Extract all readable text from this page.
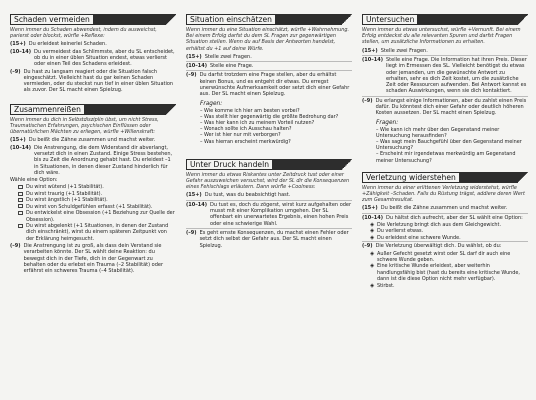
Schaden vermeiden
Wenn immer du Schaden abwendest, indem du ausweichst, parierst oder blockst, würfle +Reflexe:
(15+) Du erleidest keinerlei Schaden.
(10–14) Du vermeidest das Schlimmste, aber du SL entscheidet, ob du in einer üblen Situation endest, etwas verlierst oder einen Teil des Schadens erleidest.
(–9) Du hast zu langsam reagiert oder die Situation falsch eingeschätzt. Vielleicht hast du gar keinen Schaden vermieden, oder du steckst nun tief in einer üblen Situation als zuvor. Der SL macht einen Spielzug.
Zusammenreißen
Wenn immer du dich in Selbstdisziplin übst, um nicht Stress, Traumatischen Erfahrungen, psychischen Einflüssen oder übernatürlichen Mächten zu erliegen, würfle +Willenskraft:
(15+) Du beißt die Zähne zusammen und machst weiter.
(10–14) Die Anstrengung, die dem Widerstand dir abverlangt, versetzt dich in einen Zustand. Einige Stress bestehen, bis zu Zeit die Anordnung gehabt hast. Du erleidest –1 in Situationen, in denen dieser Zustand hinderlich für dich wäre.
Wähle eine Option:
Du wirst wütend (+1 Stabilität).
Du wirst traurig (+1 Stabilität).
Du wirst ängstlich (+1 Stabilität).
Du wirst von Schuldgefühlen erfasst (+1 Stabilität).
Du entwickelst eine Obsession (+1 Beziehung zur Quelle der Obsession).
Du wirst abgelenkt (+1 Situationen, in denen der Zustand dich einschränkt), wirst du einem späteren Zeitpunkt von der Erklärung heimgesucht.
(–9) Die Anstrengung ist zu groß, als dass dein Verstand sie verarbeiten könnte. Der SL wählt deine Reaktion: du bewegst dich in der Tiefe, dich in der Gegenwart zu behalten oder du erlebst ein Trauma (–2 Stabilität) oder erfährst ein schweres Trauma (–4 Stabilität).
Situation einschätzen
Wenn immer du eine Situation einschätzt, würfle +Wahrnehmung. Bei einem Erfolg darfst du dem SL Fragen zur gegenwärtigen Situation stellen. Wenn du auf Basis der Antworten handelst, erhältst du +1 auf deine Würfe.
(15+) Stelle zwei Fragen.
(10–14) Stelle eine Frage.
(–9) Du darfst trotzdem eine Frage stellen, aber du erhältst keinen Bonus, und es entgeht dir etwas. Du erregst unerwünschte Aufmerksamkeit oder setzt dich einer Gefahr aus. Der SL macht einen Spielzug.
Fragen:
– Wie komme ich hier am besten vorbei?
– Was stellt hier gegenwärtig die größte Bedrohung dar?
– Was hier kann ich zu meinem Vorteil nutzen?
– Wonach sollte ich Ausschau halten?
– Wer ist hier nur mit verborgen?
– Was hierran erscheint merkwürdig?
Unter Druck handeln
Wenn immer du etwas Riskantes unter Zeitdruck tust oder einer Gefahr auszuweichen versuchst, wird der SL dir die Konsequenzen eines Fehlschlags erläutern. Dann würfle +Coolness:
(15+) Du tust, was du beabsichtigt hast.
(10–14) Du tust es, doch du zögerst, wirst kurz aufgehalten oder musst mit einer Komplikation umgehen. Der SL offenbart ein unerwartetes Ergebnis, einen hohen Preis oder eine schwierige Wahl.
(–9) Es geht ernste Konsequenzen, du machst einen Fehler oder setzt dich selbst der Gefahr aus. Der SL macht einen Spielzug.
Untersuchen
Wenn immer du etwas untersuchst, würfle +Vernunft. Bei einem Erfolg entdeckst du alle relevanten Spuren und darfst Fragen stellen, um zusätzliche Informationen zu erhalten.
(15+) Stelle zwei Fragen.
(10–14) Stelle eine Frage. Die Information hat ihren Preis. Dieser liegt im Ermessen des SL. Vielleicht benötigst du etwas oder jemanden, um die gewünschte Antwort zu erhalten, sehr es dich Zeit kostet, um die zusätzliche Zeit oder Ressourcen aufwenden. Bei Antwort kannst es schaden Auswirkungen, wenn sie dich kontaktiert.
(–9) Du erlangst einige Informationen, aber du zahlst einen Preis dafür. Du könntest dich einer Gefahr oder deutlich höheren Kosten aussetzen. Der SL macht einen Spielzug.
Fragen:
– Wie kann ich mehr über den Gegenstand meiner Untersuchung herausfinden?
– Was sagt mein Bauchgefühl über den Gegenstand meiner Untersuchung?
– Erscheint mir irgendetwas merkwürdig am Gegenstand meiner Untersuchung?
Verletzung widerstehen
Wenn immer du einer erlittenen Verletzung widerstehst, würfle +Zähigkeit –Schaden. Falls du Rüstung trägst, addiere deren Wert zum Gesamtresultat.
(15+) Du beißt die Zähne zusammen und machst weiter.
(10–14) Du hältst dich aufrecht, aber der SL wählt eine Option:
◈ Die Verletzung bringt dich aus dem Gleichgewicht.
◈ Du verlierst etwas.
◈ Du erleidest eine schwere Wunde.
(–9) Die Verletzung überwältigt dich. Du wählst, ob du:
◈ Außer Gefecht gesetzt wirst oder SL darf dir auch eine schwere Wunde geben.
◈ Eine kritische Wunde erleidest, aber weiterhin handlungsfähig bist (hast du bereits eine kritische Wunde, dann ist die diese Option nicht mehr verfügbar).
◈ Stirbst.
